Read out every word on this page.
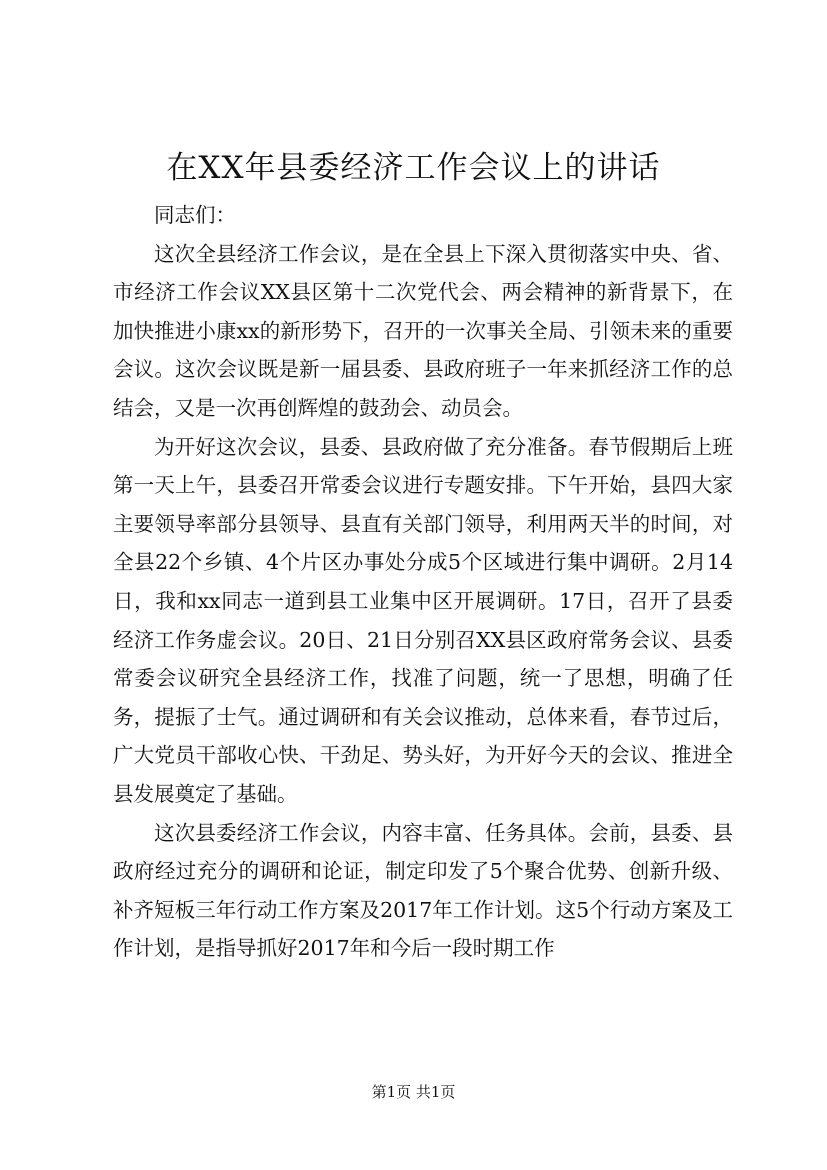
在XX年县委经济工作会议上的讲话

同志们：

这次全县经济工作会议，是在全县上下深入贯彻落实中央、省、市经济工作会议XX县区第十二次党代会、两会精神的新背景下，在加快推进小康xx的新形势下，召开的一次事关全局、引领未来的重要会议。这次会议既是新一届县委、县政府班子一年来抓经济工作的总结会，又是一次再创辉煌的鼓劲会、动员会。

为开好这次会议，县委、县政府做了充分准备。春节假期后上班第一天上午，县委召开常委会议进行专题安排。下午开始，县四大家主要领导率部分县领导、县直有关部门领导，利用两天半的时间，对全县22个乡镇、4个片区办事处分成5个区域进行集中调研。2月14日，我和xx同志一道到县工业集中区开展调研。17日，召开了县委经济工作务虚会议。20日、21日分别召XX县区政府常务会议、县委常委会议研究全县经济工作，找准了问题，统一了思想，明确了任务，提振了士气。通过调研和有关会议推动，总体来看，春节过后，广大党员干部收心快、干劲足、势头好，为开好今天的会议、推进全县发展奠定了基础。

这次县委经济工作会议，内容丰富、任务具体。会前，县委、县政府经过充分的调研和论证，制定印发了5个聚合优势、创新升级、补齐短板三年行动工作方案及2017年工作计划。这5个行动方案及工作计划，是指导抓好2017年和今后一段时期工作

第1页 共1页
